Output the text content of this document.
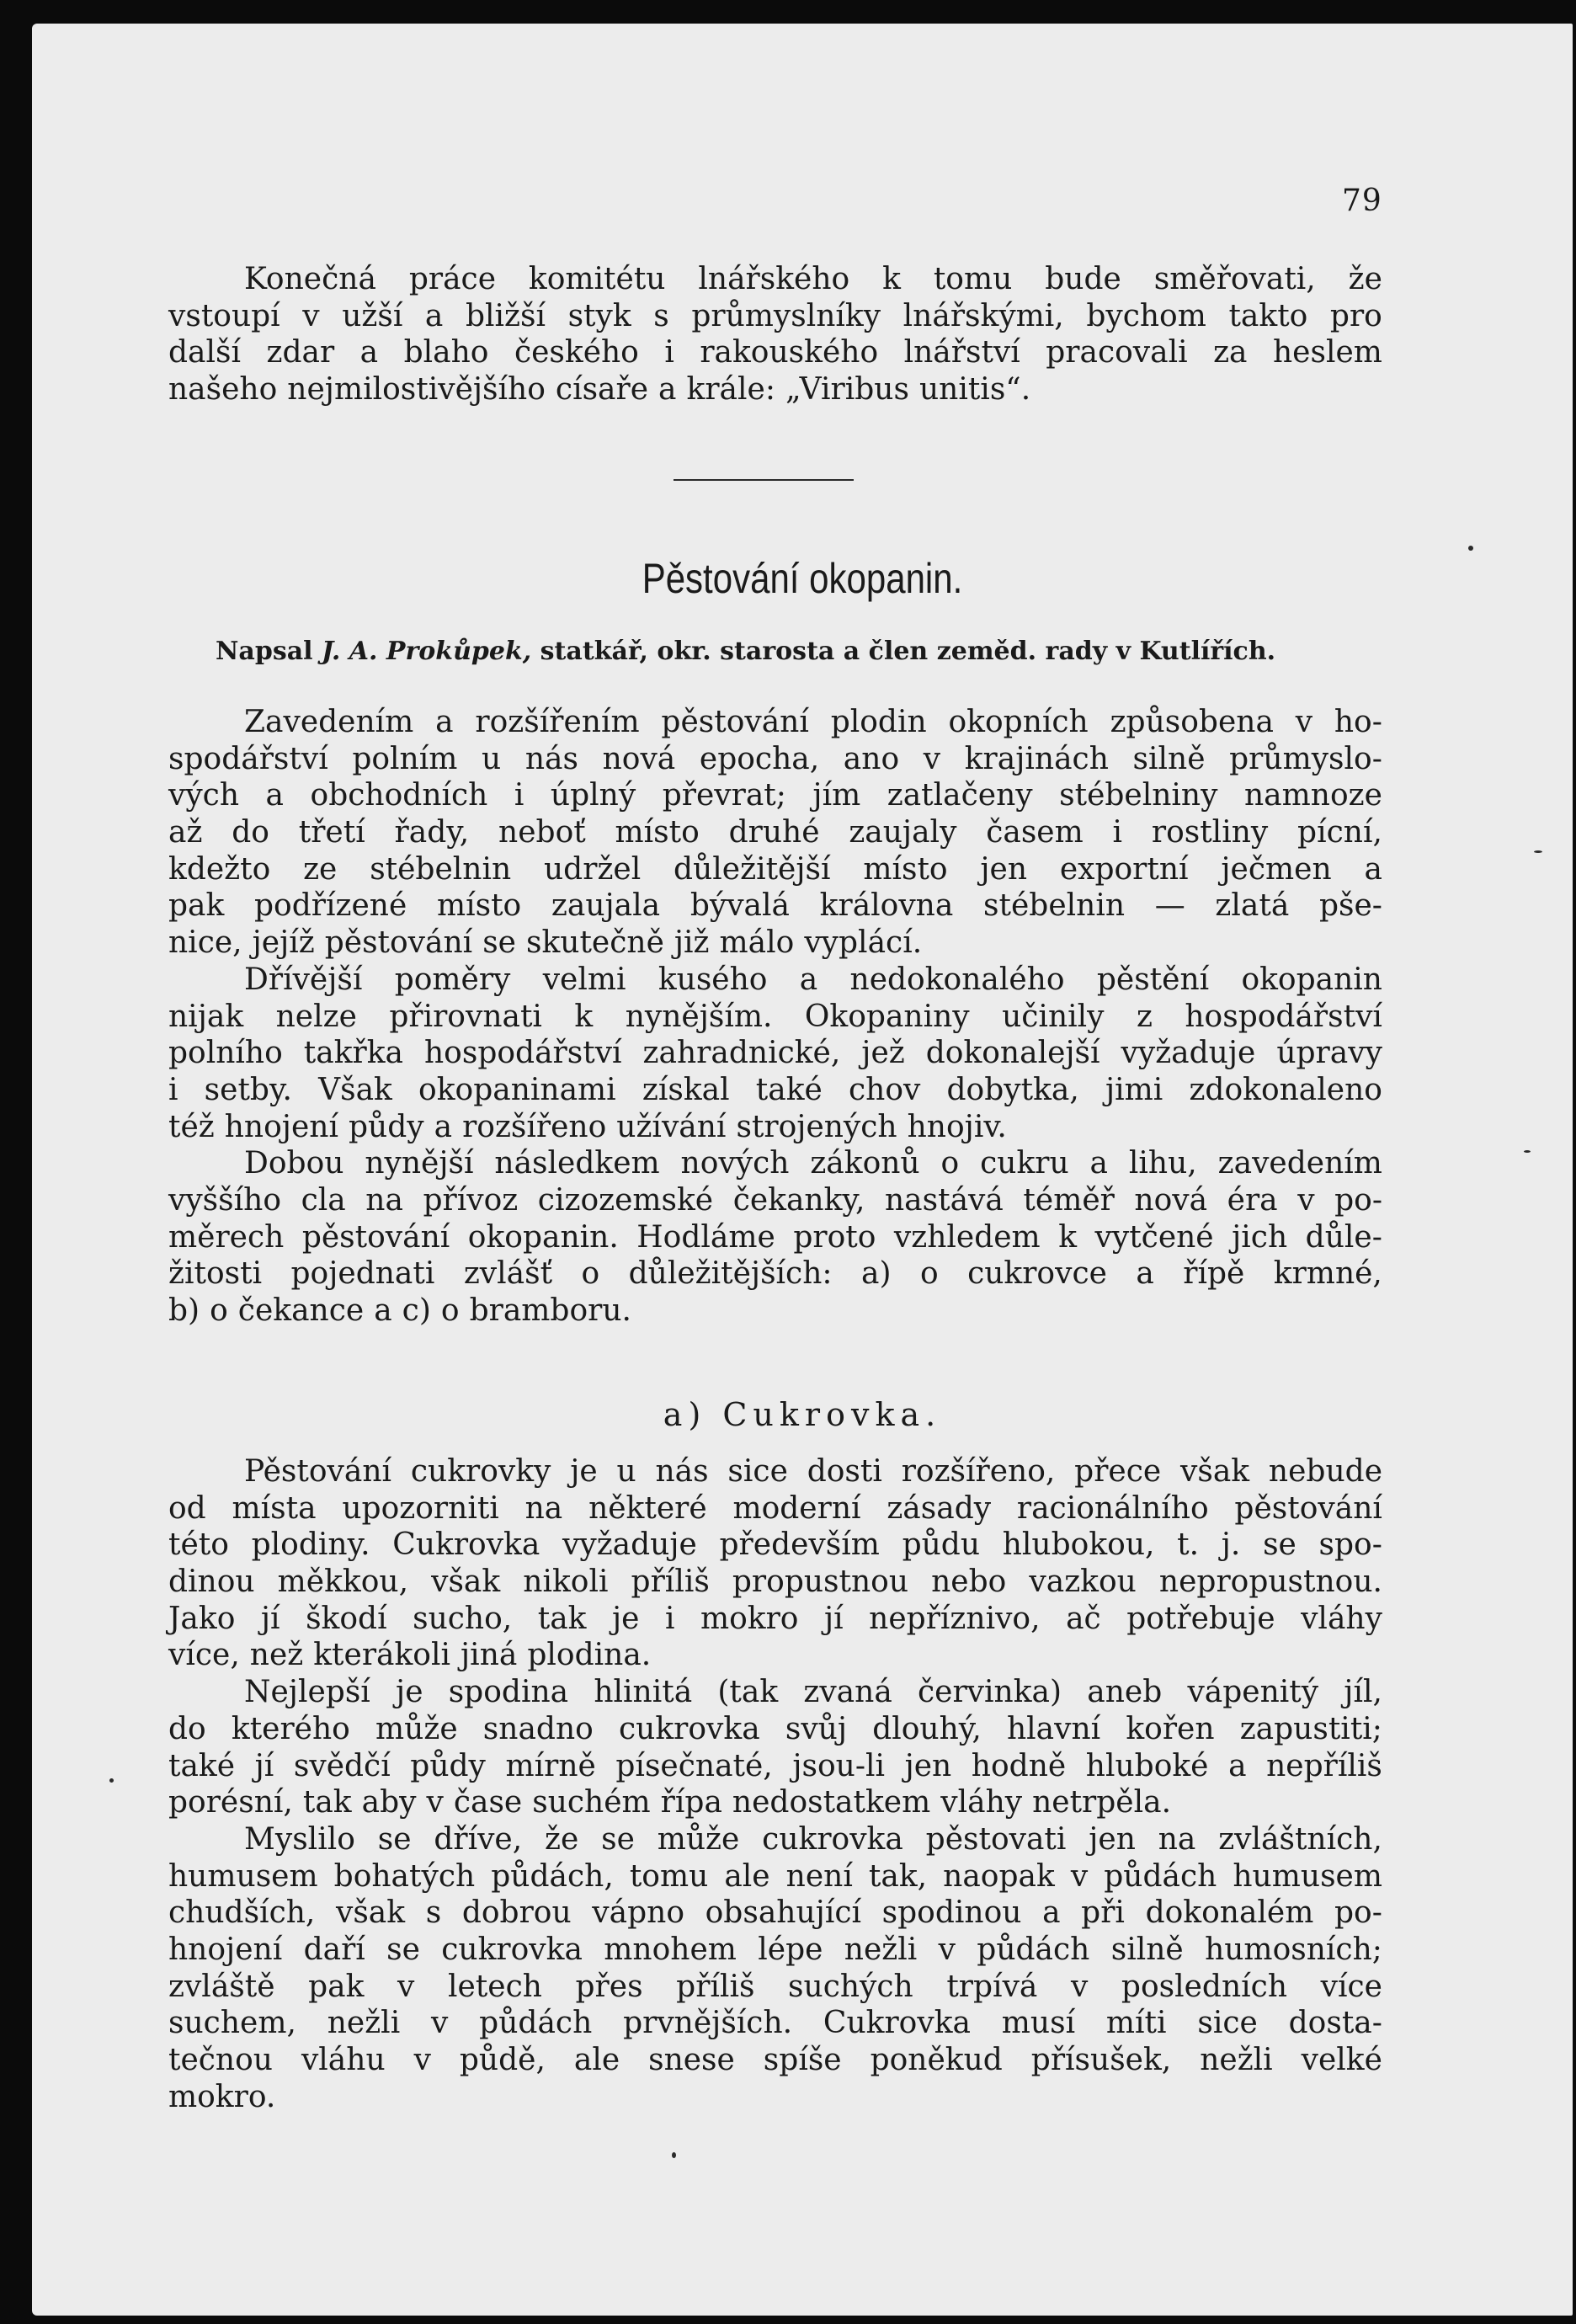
79
Konečná práce komitétu lnářského k tomu bude směřovati, že
vstoupí v užší a bližší styk s průmyslníky lnářskými, bychom takto pro
další zdar a blaho českého i rakouského lnářství pracovali za heslem
našeho nejmilostivějšího císaře a krále: „Viribus unitis“.
Pěstování okopanin.
Napsal J. A. Prokůpek, statkář, okr. starosta a člen zeměd. rady v Kutlířích.
Zavedením a rozšířením pěstování plodin okopních způsobena v ho-
spodářství polním u nás nová epocha, ano v krajinách silně průmyslo-
vých a obchodních i úplný převrat; jím zatlačeny stébelniny namnoze
až do třetí řady, neboť místo druhé zaujaly časem i rostliny pícní,
kdežto ze stébelnin udržel důležitější místo jen exportní ječmen a
pak podřízené místo zaujala bývalá královna stébelnin — zlatá pše-
nice, jejíž pěstování se skutečně již málo vyplácí.
Dřívější poměry velmi kusého a nedokonalého pěstění okopanin
nijak nelze přirovnati k nynějším. Okopaniny učinily z hospodářství
polního takřka hospodářství zahradnické, jež dokonalejší vyžaduje úpravy
i setby. Však okopaninami získal také chov dobytka, jimi zdokonaleno
též hnojení půdy a rozšířeno užívání strojených hnojiv.
Dobou nynější následkem nových zákonů o cukru a lihu, zavedením
vyššího cla na přívoz cizozemské čekanky, nastává téměř nová éra v po-
měrech pěstování okopanin. Hodláme proto vzhledem k vytčené jich důle-
žitosti pojednati zvlášť o důležitějších: a) o cukrovce a řípě krmné,
b) o čekance a c) o bramboru.
a) Cukrovka.
Pěstování cukrovky je u nás sice dosti rozšířeno, přece však nebude
od místa upozorniti na některé moderní zásady racionálního pěstování
této plodiny. Cukrovka vyžaduje především půdu hlubokou, t. j. se spo-
dinou měkkou, však nikoli příliš propustnou nebo vazkou nepropustnou.
Jako jí škodí sucho, tak je i mokro jí nepříznivo, ač potřebuje vláhy
více, než kterákoli jiná plodina.
Nejlepší je spodina hlinitá (tak zvaná červinka) aneb vápenitý jíl,
do kterého může snadno cukrovka svůj dlouhý, hlavní kořen zapustiti;
také jí svědčí půdy mírně písečnaté, jsou-li jen hodně hluboké a nepříliš
porésní, tak aby v čase suchém řípa nedostatkem vláhy netrpěla.
Myslilo se dříve, že se může cukrovka pěstovati jen na zvláštních,
humusem bohatých půdách, tomu ale není tak, naopak v půdách humusem
chudších, však s dobrou vápno obsahující spodinou a při dokonalém po-
hnojení daří se cukrovka mnohem lépe nežli v půdách silně humosních;
zvláště pak v letech přes příliš suchých trpívá v posledních více
suchem, nežli v půdách prvnějších. Cukrovka musí míti sice dosta-
tečnou vláhu v půdě, ale snese spíše poněkud přísušek, nežli velké
mokro.
